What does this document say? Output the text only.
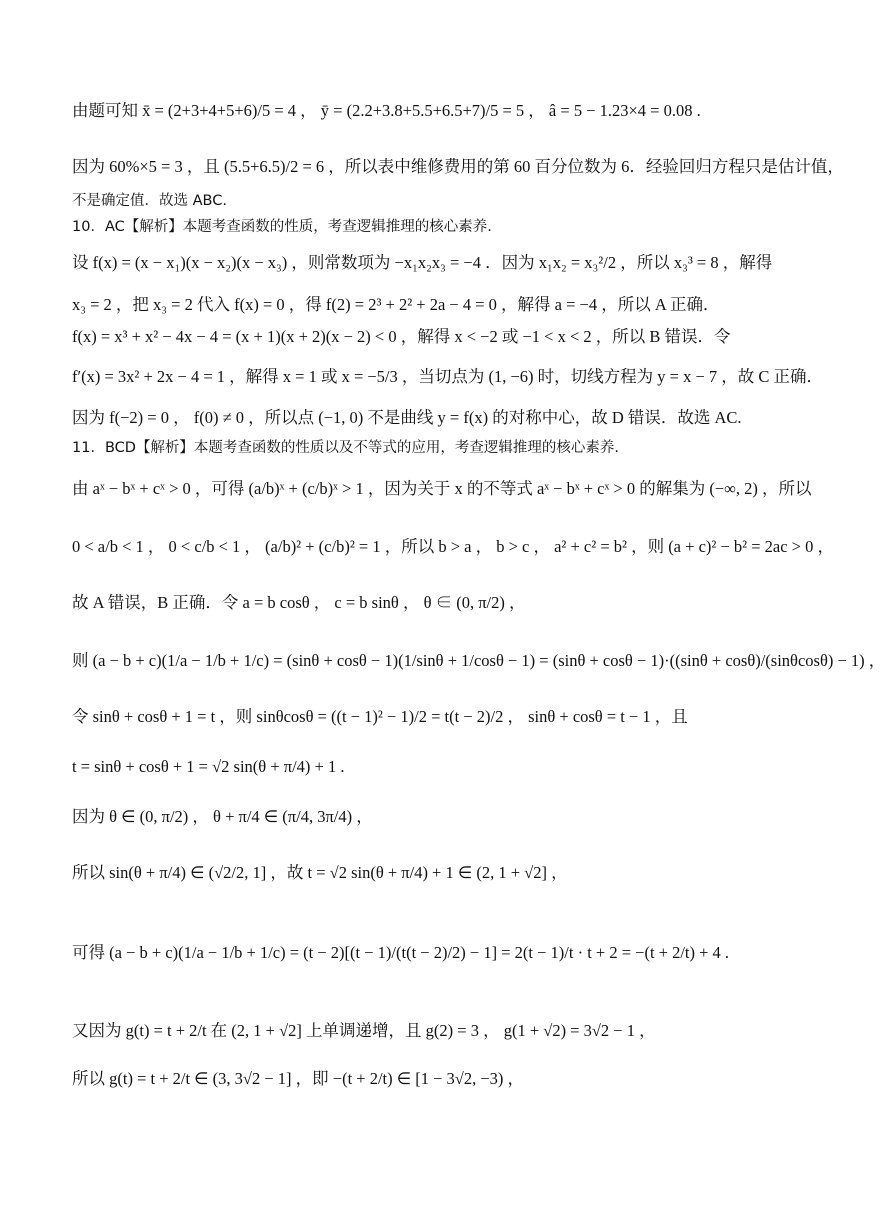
由题可知 x̄ = (2+3+4+5+6)/5 = 4 ， ȳ = (2.2+3.8+5.5+6.5+7)/5 = 5 ， â = 5 − 1.23×4 = 0.08 .
因为 60%×5 = 3 ，且 (5.5+6.5)/2 = 6 ，所以表中维修费用的第 60 百分位数为 6．经验回归方程只是估计值，
不是确定值．故选 ABC.
10．AC【解析】本题考查函数的性质，考查逻辑推理的核心素养.
设 f(x) = (x − x₁)(x − x₂)(x − x₃) ，则常数项为 −x₁x₂x₃ = −4 ．因为 x₁x₂ = x₃²/2 ，所以 x₃³ = 8 ，解得
x₃ = 2 ，把 x₃ = 2 代入 f(x) = 0 ，得 f(2) = 2³ + 2² + 2a − 4 = 0 ，解得 a = −4 ，所以 A 正确．
f(x) = x³ + x² − 4x − 4 = (x + 1)(x + 2)(x − 2) < 0 ，解得 x < −2 或 −1 < x < 2 ，所以 B 错误．令
f′(x) = 3x² + 2x − 4 = 1 ，解得 x = 1 或 x = −5/3 ，当切点为 (1, −6) 时，切线方程为 y = x − 7 ，故 C 正确．
因为 f(−2) = 0 ， f(0) ≠ 0 ，所以点 (−1, 0) 不是曲线 y = f(x) 的对称中心，故 D 错误．故选 AC.
11．BCD【解析】本题考查函数的性质以及不等式的应用，考查逻辑推理的核心素养.
由 aˣ − bˣ + cˣ > 0 ，可得 (a/b)ˣ + (c/b)ˣ > 1 ，因为关于 x 的不等式 aˣ − bˣ + cˣ > 0 的解集为 (−∞, 2) ，所以
0 < a/b < 1 ， 0 < c/b < 1 ， (a/b)² + (c/b)² = 1 ，所以 b > a ， b > c ， a² + c² = b² ，则 (a + c)² − b² = 2ac > 0 ，
故 A 错误，B 正确．令 a = b cosθ ， c = b sinθ ， θ ∈ (0, π/2) ，
则 (a − b + c)(1/a − 1/b + 1/c) = (sinθ + cosθ − 1)(1/sinθ + 1/cosθ − 1) = (sinθ + cosθ − 1)·((sinθ + cosθ)/(sinθcosθ) − 1) ，
令 sinθ + cosθ + 1 = t ，则 sinθcosθ = ((t − 1)² − 1)/2 = t(t − 2)/2 ， sinθ + cosθ = t − 1 ，且
t = sinθ + cosθ + 1 = √2 sin(θ + π/4) + 1 .
因为 θ ∈ (0, π/2) ， θ + π/4 ∈ (π/4, 3π/4) ，
所以 sin(θ + π/4) ∈ (√2/2, 1] ，故 t = √2 sin(θ + π/4) + 1 ∈ (2, 1 + √2] ，
可得 (a − b + c)(1/a − 1/b + 1/c) = (t − 2)[(t − 1)/(t(t − 2)/2) − 1] = 2(t − 1)/t · t + 2 = −(t + 2/t) + 4 .
又因为 g(t) = t + 2/t 在 (2, 1 + √2] 上单调递增，且 g(2) = 3 ， g(1 + √2) = 3√2 − 1 ，
所以 g(t) = t + 2/t ∈ (3, 3√2 − 1] ，即 −(t + 2/t) ∈ [1 − 3√2, −3) ，
